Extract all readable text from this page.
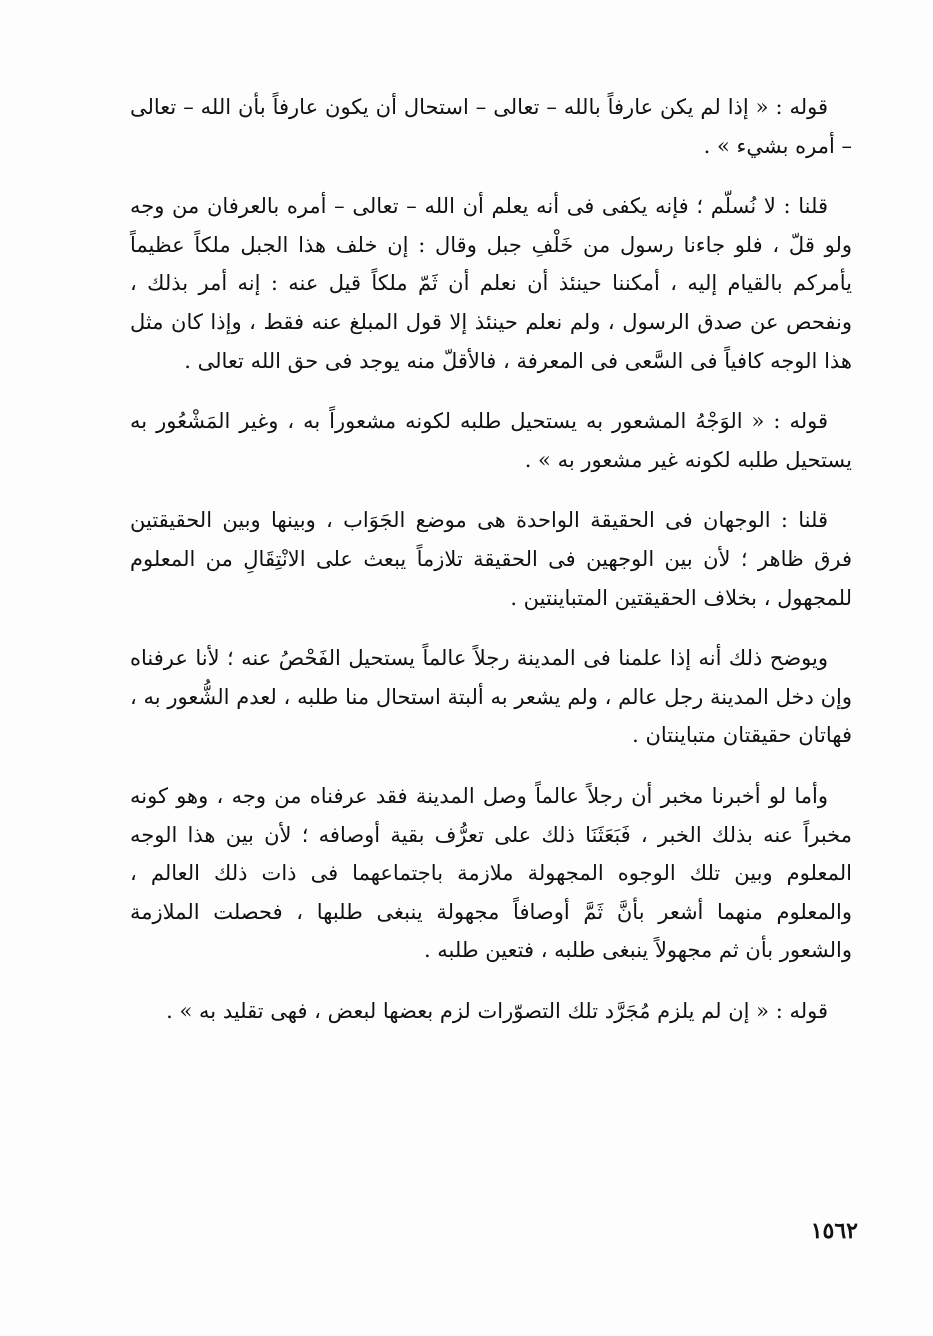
قوله : « إذا لم يكن عارفاً بالله – تعالى – استحال أن يكون عارفاً بأن الله – تعالى – أمره بشيء » .

قلنا : لا نُسلّم ؛ فإنه يكفى فى أنه يعلم أن الله – تعالى – أمره بالعرفان من وجه ولو قلّ ، فلو جاءنا رسول من خَلْفِ جبل وقال : إن خلف هذا الجبل ملكاً عظيماً يأمركم بالقيام إليه ، أمكننا حينئذ أن نعلم أن ثَمّ ملكاً قيل عنه : إنه أمر بذلك ، ونفحص عن صدق الرسول ، ولم نعلم حينئذ إلا قول المبلغ عنه فقط ، وإذا كان مثل هذا الوجه كافياً فى السَّعى فى المعرفة ، فالأقلّ منه يوجد فى حق الله تعالى .

قوله : « الوَجْهُ المشعور به يستحيل طلبه لكونه مشعوراً به ، وغير المَشْعُور به يستحيل طلبه لكونه غير مشعور به » .

قلنا : الوجهان فى الحقيقة الواحدة هى موضع الجَوَاب ، وبينها وبين الحقيقتين فرق ظاهر ؛ لأن بين الوجهين فى الحقيقة تلازماً يبعث على الانْتِقَالِ من المعلوم للمجهول ، بخلاف الحقيقتين المتباينتين .

ويوضح ذلك أنه إذا علمنا فى المدينة رجلاً عالماً يستحيل الفَحْصُ عنه ؛ لأنا عرفناه وإن دخل المدينة رجل عالم ، ولم يشعر به ألبتة استحال منا طلبه ، لعدم الشُّعور به ، فهاتان حقيقتان متباينتان .

وأما لو أخبرنا مخبر أن رجلاً عالماً وصل المدينة فقد عرفناه من وجه ، وهو كونه مخبراً عنه بذلك الخبر ، فَبَعَثَنَا ذلك على تعرُّف بقية أوصافه ؛ لأن بين هذا الوجه المعلوم وبين تلك الوجوه المجهولة ملازمة باجتماعهما فى ذات ذلك العالم ، والمعلوم منهما أشعر بأنَّ ثَمَّ أوصافاً مجهولة ينبغى طلبها ، فحصلت الملازمة والشعور بأن ثم مجهولاً ينبغى طلبه ، فتعين طلبه .

قوله : « إن لم يلزم مُجَرَّد تلك التصوّرات لزم بعضها لبعض ، فهى تقليد به » .

١٥٦٢
